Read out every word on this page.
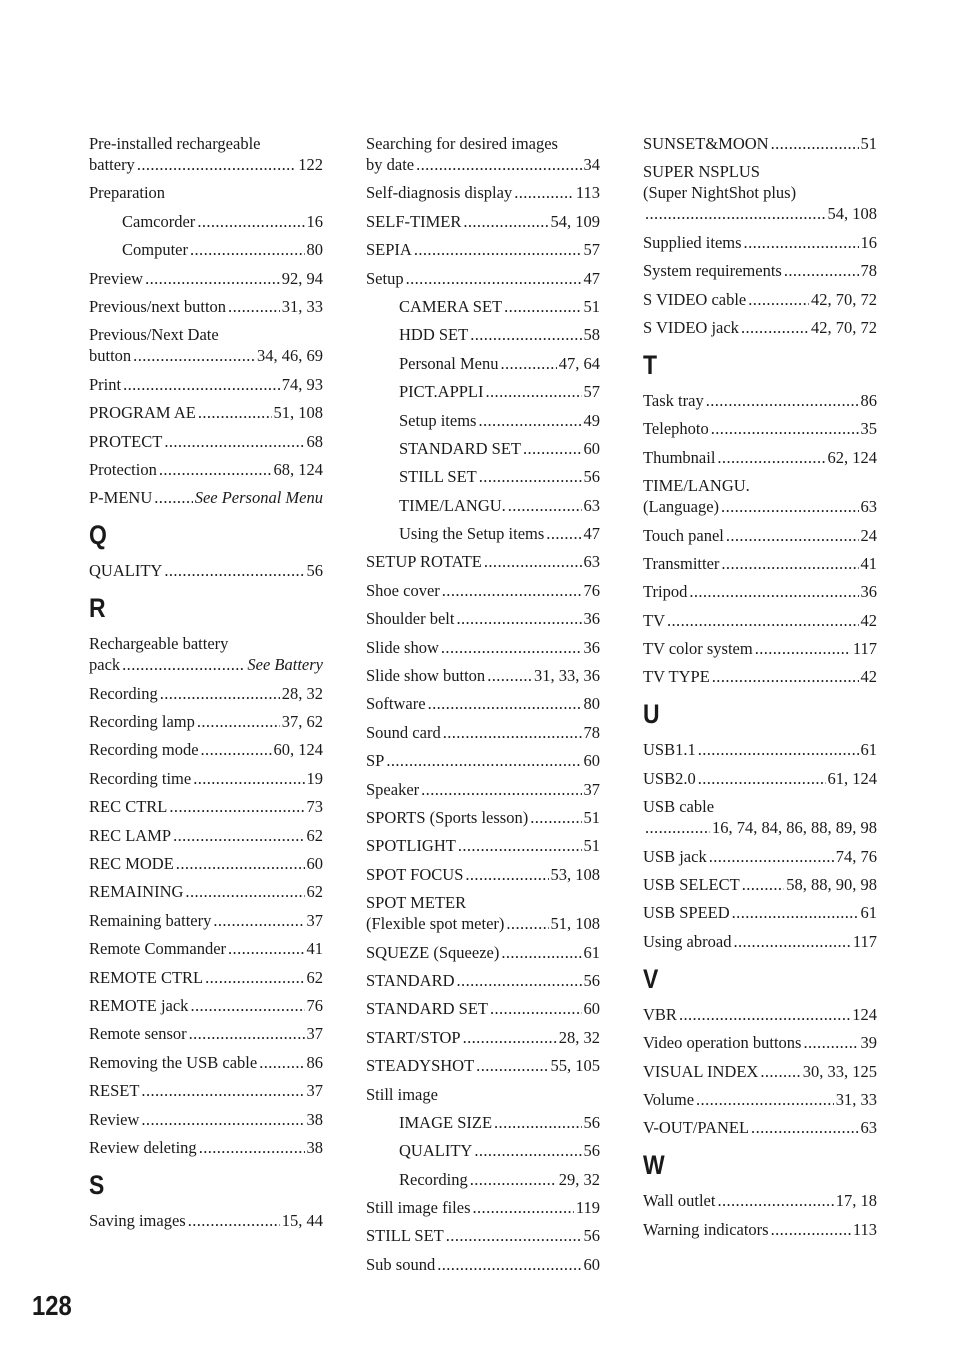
Pre-installed rechargeable
battery .....	122
Preparation
Camcorder .....	16
Computer .....	80
Preview .....	92, 94
Previous/next button .....	31, 33
Previous/Next Date
button .....	34, 46, 69
Print .....	74, 93
PROGRAM AE .....	51, 108
PROTECT .....	68
Protection .....	68, 124
P-MENU .....	See Personal Menu
Q
QUALITY .....	56
R
Rechargeable battery
pack .....	See Battery
Recording .....	28, 32
Recording lamp .....	37, 62
Recording mode .....	60, 124
Recording time .....	19
REC CTRL .....	73
REC LAMP .....	62
REC MODE .....	60
REMAINING .....	62
Remaining battery .....	37
Remote Commander .....	41
REMOTE CTRL .....	62
REMOTE jack .....	76
Remote sensor .....	37
Removing the USB cable .....	86
RESET .....	37
Review .....	38
Review deleting .....	38
S
Saving images .....	15, 44
Searching for desired images
by date .....	34
Self-diagnosis display .....	113
SELF-TIMER .....	54, 109
SEPIA .....	57
Setup .....	47
CAMERA SET .....	51
HDD SET .....	58
Personal Menu .....	47, 64
PICT.APPLI .....	57
Setup items .....	49
STANDARD SET .....	60
STILL SET .....	56
TIME/LANGU. .....	63
Using the Setup items ..... 47
SETUP ROTATE .....	63
Shoe cover .....	76
Shoulder belt .....	36
Slide show .....	36
Slide show button .....	31, 33, 36
Software .....	80
Sound card .....	78
SP .....	60
Speaker .....	37
SPORTS (Sports lesson) .....	51
SPOTLIGHT .....	51
SPOT FOCUS .....	53, 108
SPOT METER
(Flexible spot meter) .....	51, 108
SQUEZE (Squeeze) .....	61
STANDARD .....	56
STANDARD SET .....	60
START/STOP .....	28, 32
STEADYSHOT .....	55, 105
Still image
IMAGE SIZE .....	56
QUALITY .....	56
Recording .....	29, 32
Still image files .....	119
STILL SET .....	56
Sub sound .....	60
SUNSET&MOON .....	51
SUPER NSPLUS
(Super NightShot plus)
.....
54, 108
Supplied items .....	16
System requirements .....	78
S VIDEO cable .....	42, 70, 72
S VIDEO jack .....	42, 70, 72
T
Task tray .....	86
Telephoto .....	35
Thumbnail .....	62, 124
TIME/LANGU.
(Language) .....	63
Touch panel .....	24
Transmitter .....	41
Tripod .....	36
TV .....	42
TV color system .....	117
TV TYPE .....	42
U
USB1.1 .....	61
USB2.0 .....	61, 124
USB cable
.....
16, 74, 84, 86, 88, 89, 98
USB jack .....	74, 76
USB SELECT .....	58, 88, 90, 98
USB SPEED .....	61
Using abroad .....	117
V
VBR .....	124
Video operation buttons .....	39
VISUAL INDEX .....	30, 33, 125
Volume .....	31, 33
V-OUT/PANEL .....	63
W
Wall outlet .....	17, 18
Warning indicators .....	113
128
